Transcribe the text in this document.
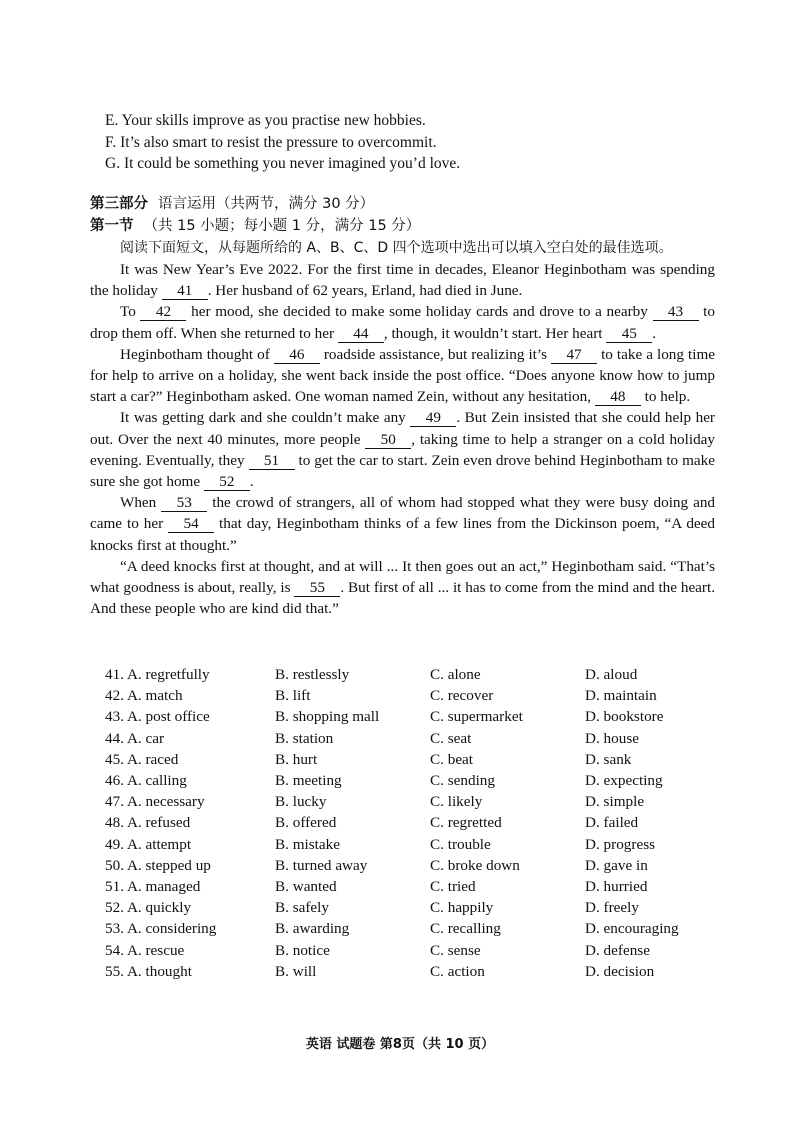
E. Your skills improve as you practise new hobbies.
F. It’s also smart to resist the pressure to overcommit.
G. It could be something you never imagined you’d love.
第三部分 语言运用（共两节，满分 30 分）
第一节 （共 15 小题；每小题 1 分，满分 15 分）
阅读下面短文，从每题所给的 A、B、C、D 四个选项中选出可以填入空白处的最佳选项。

It was New Year’s Eve 2022. For the first time in decades, Eleanor Heginbotham was spending the holiday 41 . Her husband of 62 years, Erland, had died in June.

To 42 her mood, she decided to make some holiday cards and drove to a nearby 43 to drop them off. When she returned to her 44 , though, it wouldn’t start. Her heart 45 .

Heginbotham thought of 46 roadside assistance, but realizing it’s 47 to take a long time for help to arrive on a holiday, she went back inside the post office. “Does anyone know how to jump start a car?” Heginbotham asked. One woman named Zein, without any hesitation, 48 to help.

It was getting dark and she couldn’t make any 49 . But Zein insisted that she could help her out. Over the next 40 minutes, more people 50 , taking time to help a stranger on a cold holiday evening. Eventually, they 51 to get the car to start. Zein even drove behind Heginbotham to make sure she got home 52 .

When 53 the crowd of strangers, all of whom had stopped what they were busy doing and came to her 54 that day, Heginbotham thinks of a few lines from the Dickinson poem, “A deed knocks first at thought.”

“A deed knocks first at thought, and at will ... It then goes out an act,” Heginbotham said. “That’s what goodness is about, really, is 55 . But first of all ... it has to come from the mind and the heart. And these people who are kind did that.”

41. A. regretfully	B. restlessly	C. alone	D. aloud
42. A. match	B. lift	C. recover	D. maintain
43. A. post office	B. shopping mall	C. supermarket	D. bookstore
44. A. car	B. station	C. seat	D. house
45. A. raced	B. hurt	C. beat	D. sank
46. A. calling	B. meeting	C. sending	D. expecting
47. A. necessary	B. lucky	C. likely	D. simple
48. A. refused	B. offered	C. regretted	D. failed
49. A. attempt	B. mistake	C. trouble	D. progress
50. A. stepped up	B. turned away	C. broke down	D. gave in
51. A. managed	B. wanted	C. tried	D. hurried
52. A. quickly	B. safely	C. happily	D. freely
53. A. considering	B. awarding	C. recalling	D. encouraging
54. A. rescue	B. notice	C. sense	D. defense
55. A. thought	B. will	C. action	D. decision
英语 试题卷 第8页（共 10 页）
